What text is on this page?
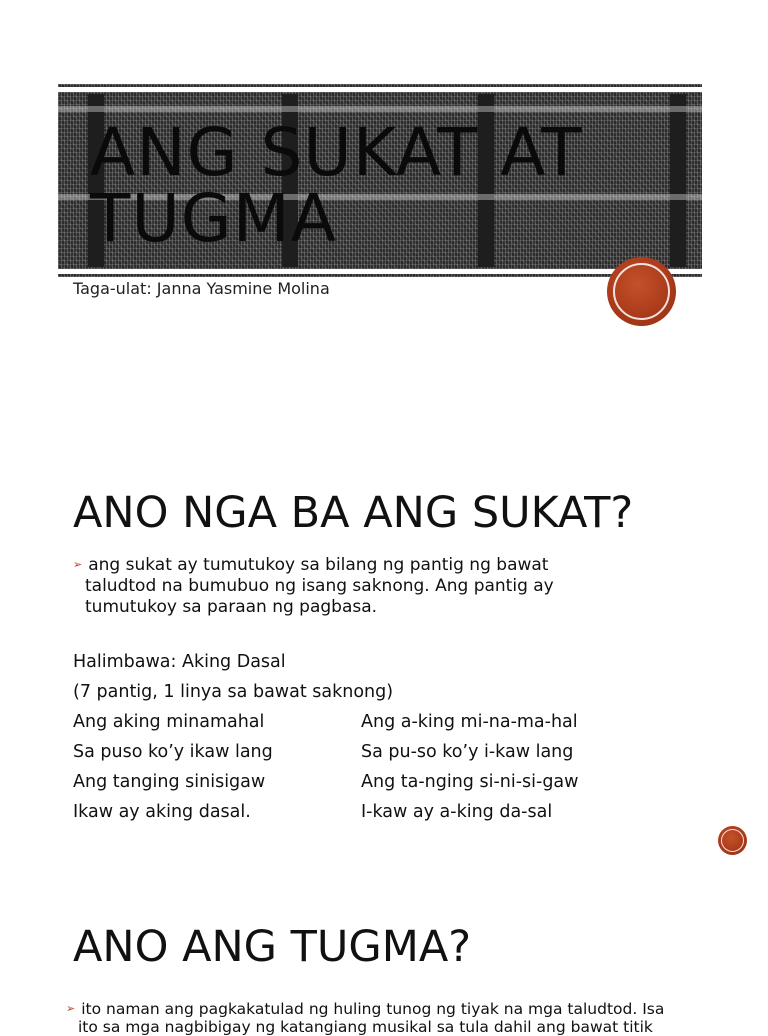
ANG SUKAT AT
TUGMA

Taga-ulat: Janna Yasmine Molina

ANO NGA BA ANG SUKAT?

➢ ang sukat ay tumutukoy sa bilang ng pantig ng bawat
taludtod na bumubuo ng isang saknong. Ang pantig ay
tumutukoy sa paraan ng pagbasa.

Halimbawa: Aking Dasal
(7 pantig, 1 linya sa bawat saknong)
Ang aking minamahal	Ang a-king mi-na-ma-hal
Sa puso ko’y ikaw lang	Sa pu-so ko’y i-kaw lang
Ang tanging sinisigaw	Ang ta-nging si-ni-si-gaw
Ikaw ay aking dasal.	I-kaw ay a-king da-sal
ANO ANG TUGMA?

➢ ito naman ang pagkakatulad ng huling tunog ng tiyak na mga taludtod. Isa
ito sa mga nagbibigay ng katangiang musikal sa tula dahil ang bawat titik
